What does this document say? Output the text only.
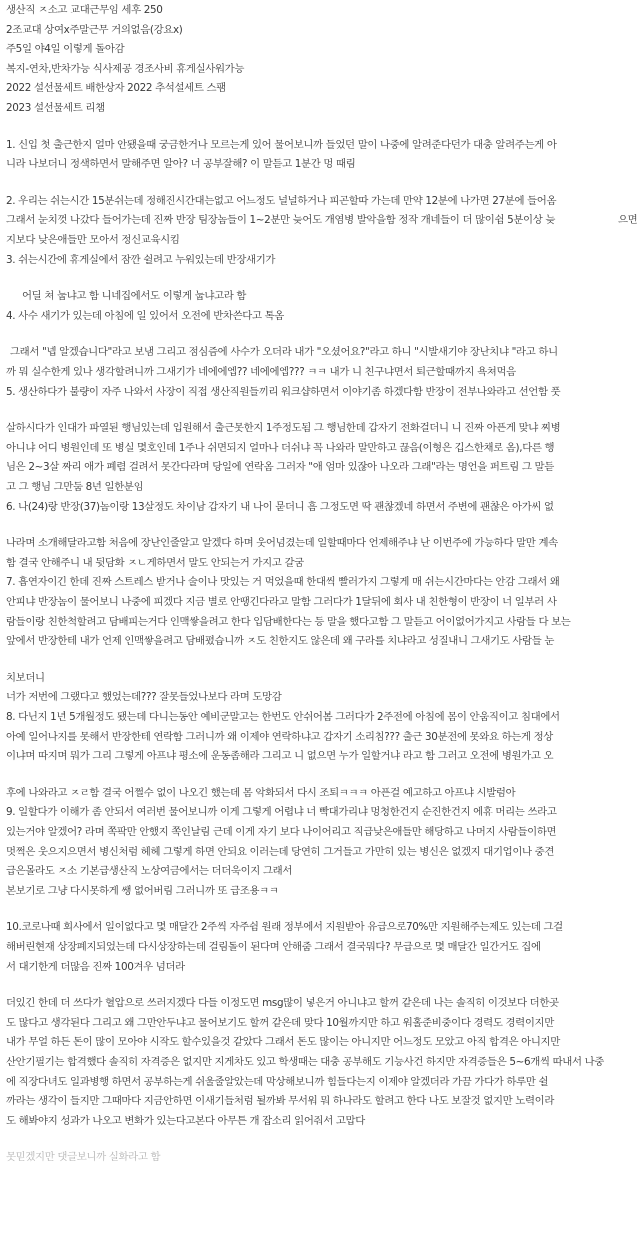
생산직 ㅈ소고 교대근무임 세후 250
2조교대 상여x주말근무 거의없음(강요x)
주5일 야4일 이렇게 돌아감
복지-연차,반차가능 식사제공 경조사비 휴게실사워가능
2022 설선물세트 배한상자 2022 추석설세트 스팸
2023 설선물세트 리챔
1. 신입 첫 출근한지 얼마 안됐을때 궁금한거나 모르는게 있어 물어보니까 들었던 말이 나중에 알려준다던가 대충 알려주는게 아
니라 나보더니 정색하면서 말해주면 알아? 너 공부잘해? 이 말듣고 1분간 멍 때림
2. 우리는 쉬는시간 15분쉬는데 정해진시간대는없고 어느정도 널널하거나 피곤할따 가는데 만약 12분에 나가면 27분에 들어옴
그래서 눈치껏 나갔다 들어가는데 진짜 반장 팀장놈들이 1~2분만 늦어도 개염병 발악을함 정작 개네들이 더 많이쉼 5분이상 늦	으면
지보다 낮은애들만 모아서 정신교육시킴
3. 쉬는시간에 휴게실에서 잠깐 쉴려고 누워있는데 반장새기가
어딜 쳐 눕냐고 함 니네집에서도 이렇게 눕냐고라 함
4. 사수 새기가 있는데 아침에 일 있어서 오전에 반차쓴다고 톡옴
그래서 "넵 알겠습니다"라고 보냄 그리고 점심즘에 사수가 오더라 내가 "오셨어요?"라고 하니 "시발새기야 장난치냐 "라고 하니
까 뭐 실수한게 있나 생각할려니까 그새기가 네에에엡?? 네에에엡??? ㅋㅋ 내가 니 친구냐면서 퇴근할때까지 욕쳐먹음
5. 생산하다가 불량이 자주 나와서 사장이 직접 생산직원들끼리 워크샵하면서 이야기좀 하겠다함 반장이 전부나와라고 선언함 풋
살하시다가 인대가 파열된 행님있는데 입원해서 출근못한지 1주정도됨 그 행님한데 갑자기 전화걸더니 니 진짜 아픈게 맞냐 찌병
아니냐 어디 병원인데 또 병실 몇호인데 1주나 쉬면되지 얼마나 더쉬냐 꼭 나와라 말만하고 끊음(이형은 깁스한채로 옴),다른 행
님은 2~3살 짜리 애가 폐렴 걸려서 못간다라며 당일에 연락옴 그러자 "애 엄마 있잖아 나오라 그래"라는 명언을 퍼트림 그 말듣
고 그 행님 그만둠 8년 일한분임
6. 나(24)랑 반장(37)놈이랑 13살정도 차이남 갑자기 내 나이 묻더니 흠 그정도면 딱 괜찮겠네 하면서 주변에 괜찮은 아가씨 없
나라며 소개해달라고함 처음에 장난인줄알고 알겠다 하며 웃어넘겼는데 일할때마다 언제해주냐 난 이번주에 가능하다 말만 계속
함 결국 안해주니 내 뒷담화 ㅈㄴ게하면서 말도 안되는거 가지고 갈굼
7. 흡연자이긴 한데 진짜 스트레스 받거나 술이나 맛있는 거 먹었을때 한대씩 빨러가지 그렇게 매 쉬는시간마다는 안감 그래서 왜
안피냐 반장놈이 물어보니 나중에 피겠다 지금 별로 안땡긴다라고 말함 그러다가 1달뒤에 회사 내 친한형이 반장이 너 일부러 사
람들이랑 친한척할려고 담배피는거다 인맥쌓을려고 한다 입담배한다는 등 말을 했다고함 그 말듣고 어이없어가지고 사람들 다 보는
앞에서 반장한테 내가 언제 인맥쌓을려고 담배폈습니까 ㅈ도 친한지도 않은데 왜 구라를 치냐라고 성질내니 그새기도 사람들 눈
치보더니
너가 저번에 그랬다고 했었는데??? 잘못들었나보다 라며 도망감
8. 다닌지 1년 5개월정도 됐는데 다니는동안 예비군말고는 한번도 안쉬어봄 그러다가 2주전에 아침에 몸이 안움직이고 침대에서
아예 일어나지를 못해서 반장한테 연락함 그러니까 왜 이제야 연락하냐고 갑자기 소리침??? 출근 30분전에 못와요 하는게 정상
이냐며 따지며 뭐가 그리 그렇게 아프냐 평소에 운동좀해라 그리고 니 없으면 누가 일할거냐 라고 함 그러고 오전에 병원가고 오
후에 나와라고 ㅈㄹ함 결국 어쩔수 없이 나오긴 했는데 몸 악화되서 다시 조퇴ㅋㅋㅋ 아픈걸 예고하고 아프냐 시발럼아
9. 일할다가 이해가 좀 안되서 여러번 물어보니까 이게 그렇게 어렵냐 너 빡대가리냐 멍청한건지 순진한건지 에휴 머리는 쓰라고
있는거야 알겠어? 라며 쪽팍만 안했지 쪽인날림 근데 이게 자기 보다 나이어리고 직급낮은애들만 해당하고 나머지 사람들이하면
멋쩍은 웃으지으면서 병신처럼 헤헤 그렇게 하면 안되요 이러는데 당연히 그거들고 가만히 있는 병신은 없겠지 대기업이나 중견
급은몰라도 ㅈ소 기본급생산직 노상여금에서는 더더욱이지 그래서
본보기로 그냥 다시못하게 쌩 없어버림 그러니까 또 급조용ㅋㅋ
10.코로나때 회사에서 일이없다고 몇 매달간 2주씩 자주쉼 원래 정부에서 지원받아 유급으로70%만 지원해주는제도 있는데 그걸
해버린현재 상장폐지되었는데 다시상장하는데 걸림돌이 된다며 안해줌 그래서 결국뭐다? 무급으로 몇 매달간 일간거도 집에
서 대기한게 더많음 진짜 100겨우 넘더라
더있긴 한데 더 쓰다가 혈압으로 쓰러지겠다 다들 이정도면 msg많이 넣은거 아니냐고 할꺼 같은데 나는 솔직히 이것보다 더한곳
도 많다고 생각된다 그리고 왜 그만안두냐고 물어보기도 할꺼 같은데 맞다 10월까지만 하고 워홀준비중이다 경력도 경력이지만
내가 무얼 하든 돈이 많이 모아야 시작도 할수있을것 같았다 그래서 돈도 많이는 아니지만 어느정도 모았고 아직 합격은 아니지만
산안기필기는 합격했다 솔직히 자격증은 없지만 지게차도 있고 학생때는 대충 공부해도 기능사건 하지만 자격증들은 5~6개씩 따내서 나중
에 직장다녀도 일과병행 하면서 공부하는게 쉬울줄알았는데 막상해보니까 힘들다는지 이제야 알겠더라 가끔 가다가 하루만 쉴
까라는 생각이 들지만 그때마다 지금안하면 이새기들처럼 될까봐 무서워 뭐 하나라도 할려고 한다 나도 보잘것 없지만 노력이라
도 해봐야지 성과가 나오고 변화가 있는다고본다 아무튼 개 잡소리 읽어줘서 고맙다
못믿겠지만 댓글보니까 실화라고 함
